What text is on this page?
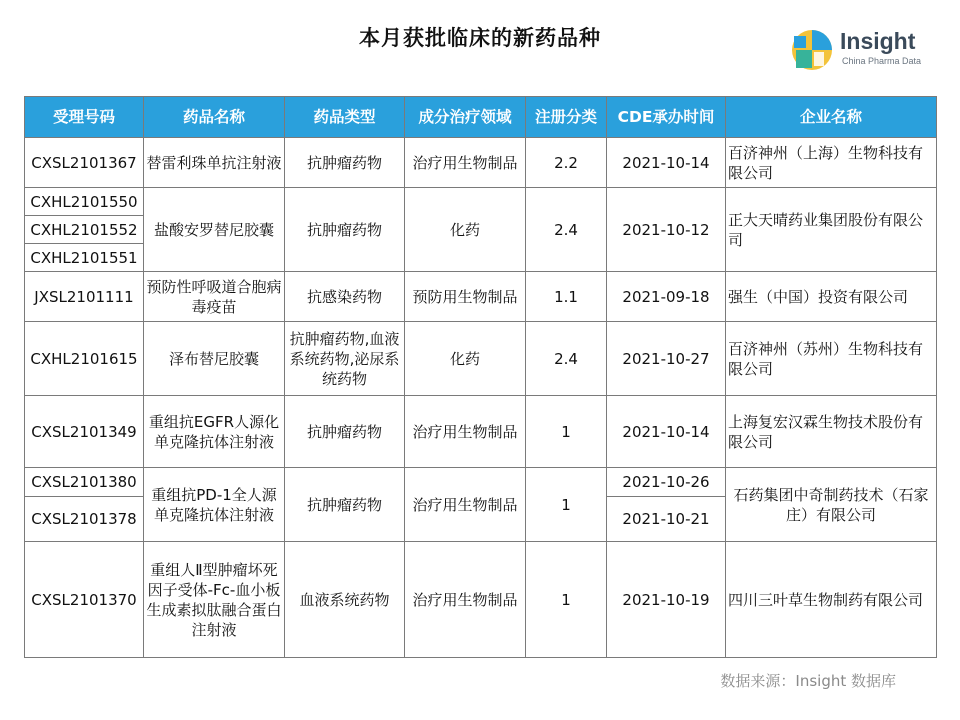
本月获批临床的新药品种	Insight
China Pharma Data
受理号码	药品名称	药品类型	成分治疗领域	注册分类	CDE承办时间	企业名称
CXSL2101367	替雷利珠单抗注射液	抗肿瘤药物	治疗用生物制品	2.2	2021-10-14	百济神州（上海）生物科技有限公司
CXHL2101550	盐酸安罗替尼胶囊	抗肿瘤药物	化药	2.4	2021-10-12	正大天晴药业集团股份有限公司
CXHL2101552						
CXHL2101551						
JXSL2101111	预防性呼吸道合胞病毒疫苗	抗感染药物	预防用生物制品	1.1	2021-09-18	强生（中国）投资有限公司
CXHL2101615	泽布替尼胶囊	抗肿瘤药物,血液系统药物,泌尿系统药物	化药	2.4	2021-10-27	百济神州（苏州）生物科技有限公司
CXSL2101349	重组抗EGFR人源化单克隆抗体注射液	抗肿瘤药物	治疗用生物制品	1	2021-10-14	上海复宏汉霖生物技术股份有限公司
CXSL2101380	重组抗PD-1全人源单克隆抗体注射液	抗肿瘤药物	治疗用生物制品	1	2021-10-26	石药集团中奇制药技术（石家庄）有限公司
CXSL2101378					2021-10-21	
CXSL2101370	重组人Ⅱ型肿瘤坏死因子受体-Fc-血小板生成素拟肽融合蛋白注射液	血液系统药物	治疗用生物制品	1	2021-10-19	四川三叶草生物制药有限公司
数据来源：Insight 数据库
